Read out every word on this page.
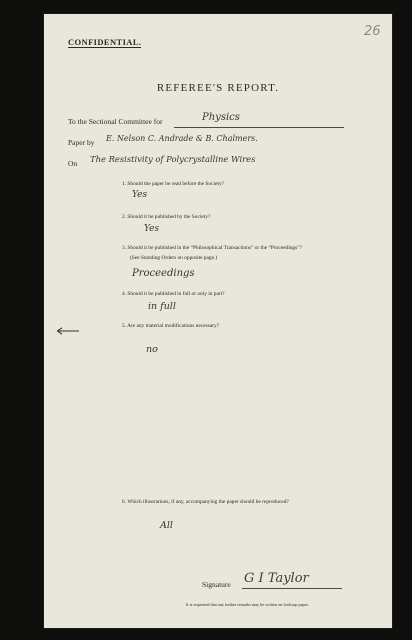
26
CONFIDENTIAL.
REFEREE'S REPORT.
To the Sectional Committee for	Physics
Paper by E. Nelson C. Andrade & B. Chalmers.
On The Resistivity of Polycrystalline Wires
1. Should the paper be read before the Society?
Yes
2. Should it be published by the Society?
Yes
3. Should it be published in the “Philosophical Transactions” or the “Proceedings”?
(See Standing Orders on opposite page.)
Proceedings
4. Should it be published in full or only in part?
in full
5. Are any material modifications necessary?
no
6. Which illustrations, if any, accompanying the paper should be reproduced?
All
Signature G I Taylor
It is requested that any further remarks may be written on foolscap paper.
